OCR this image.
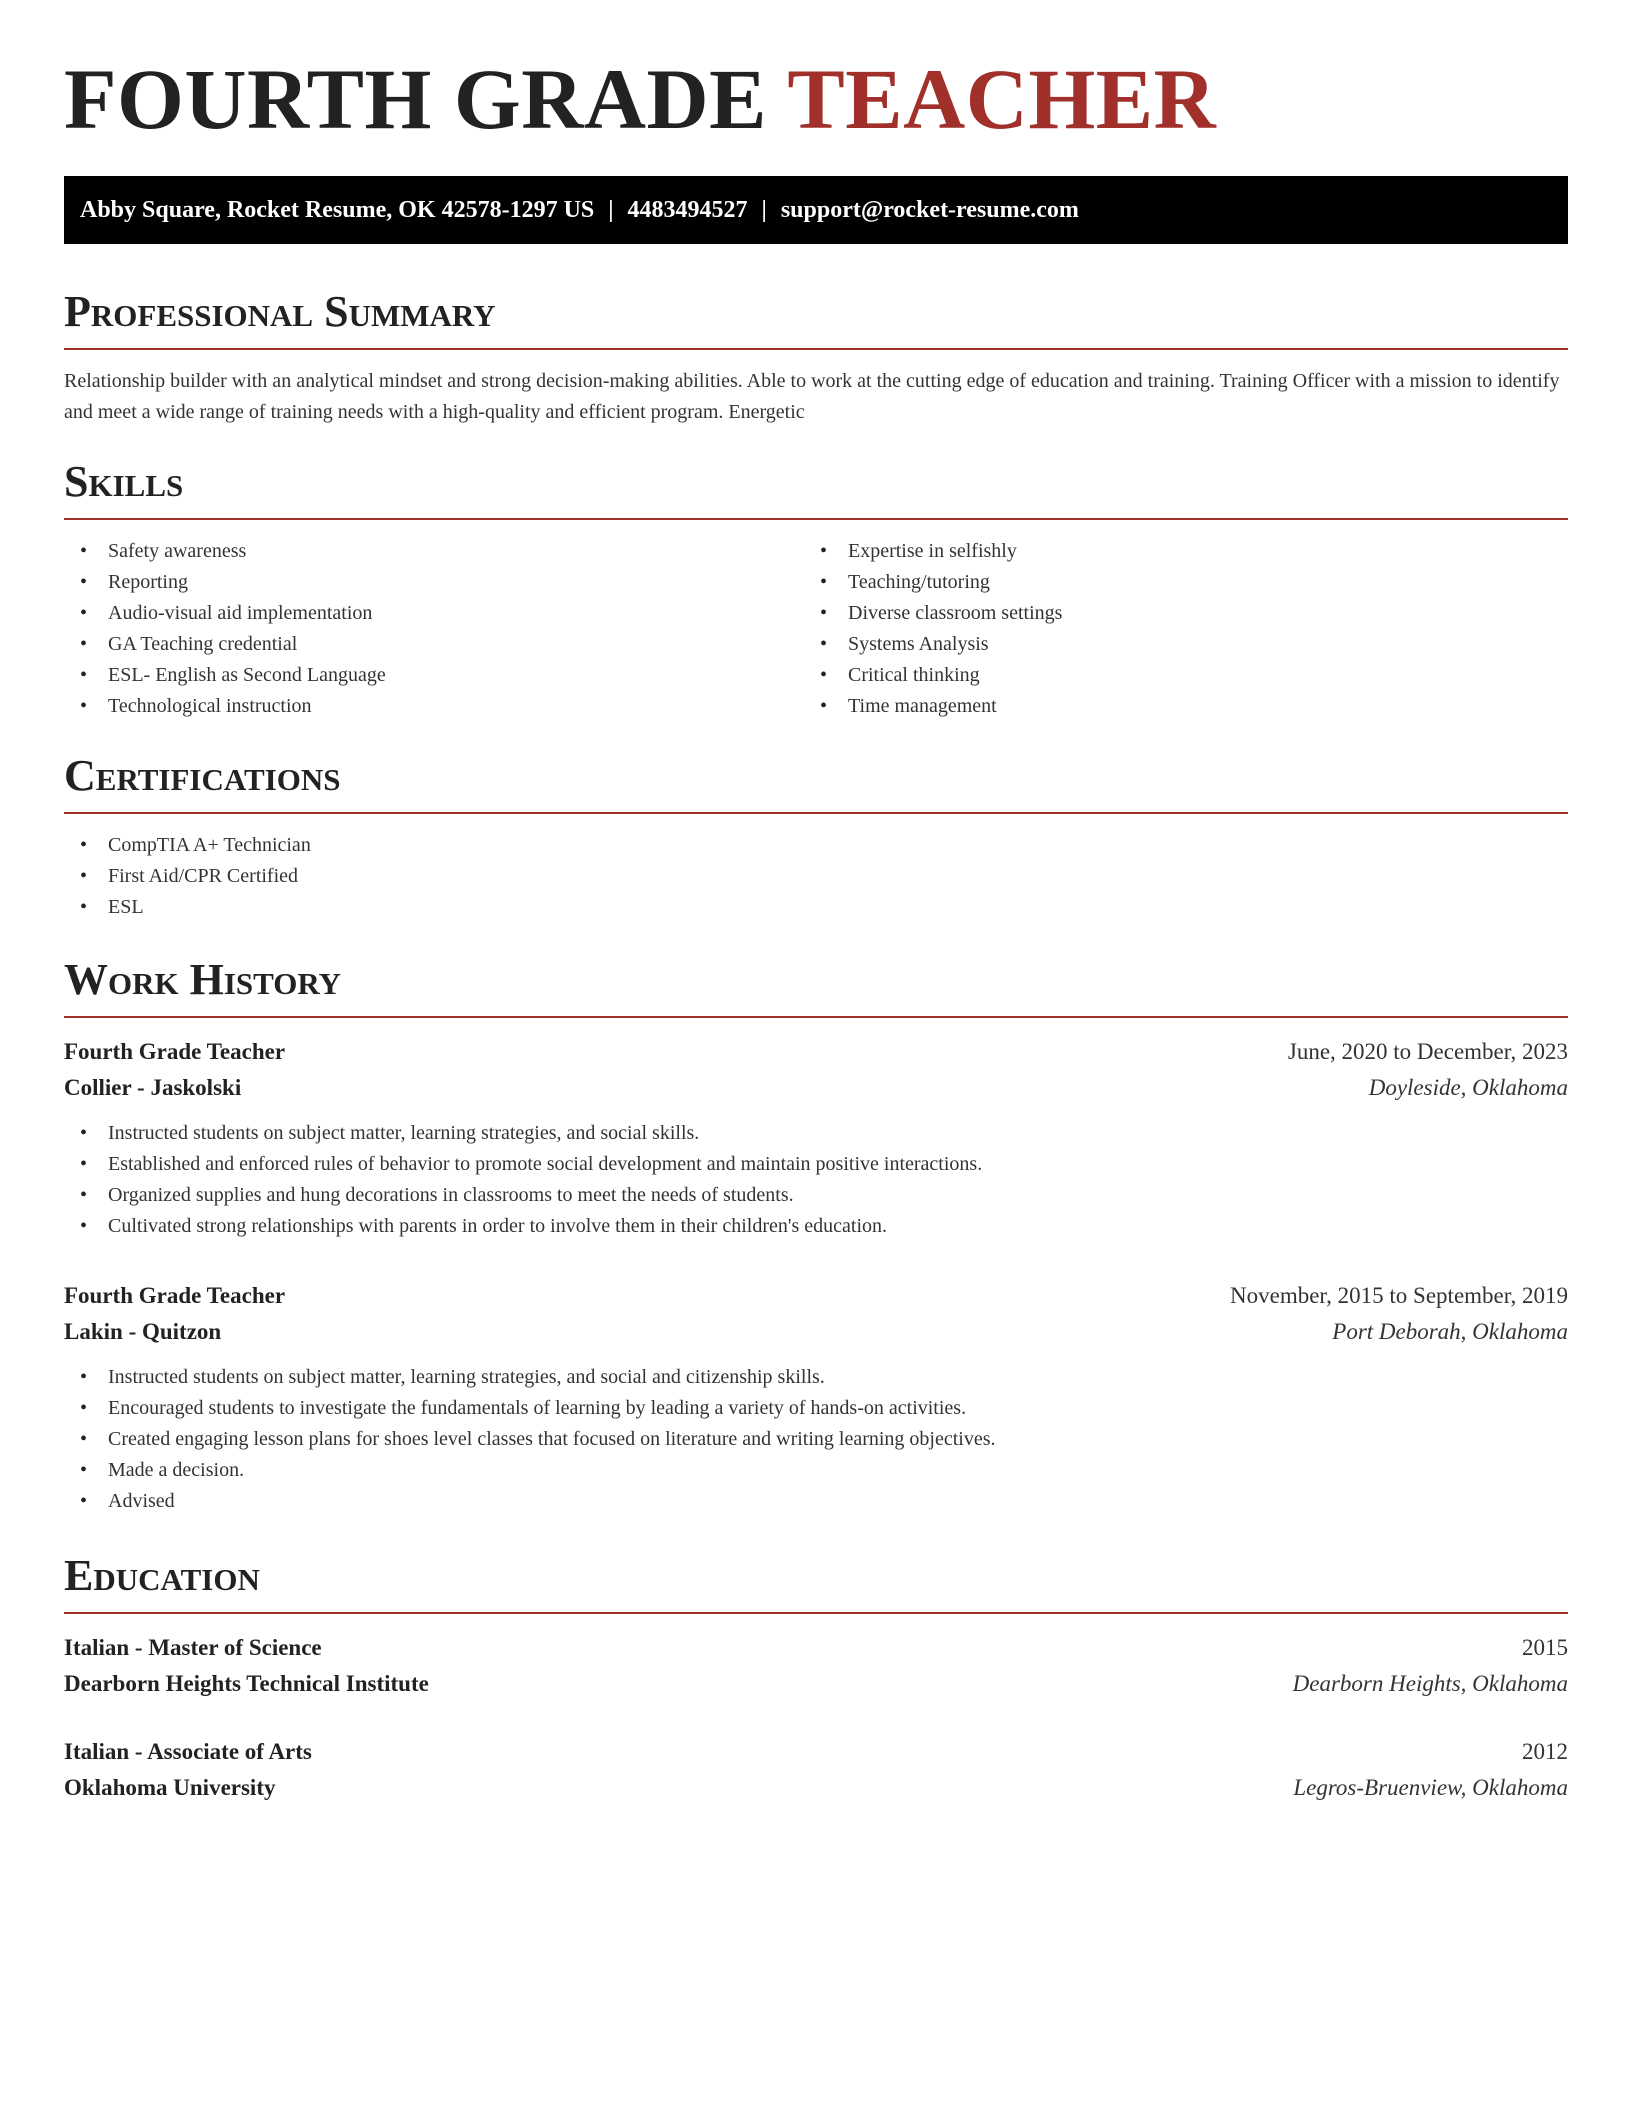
FOURTH GRADE TEACHER
Abby Square, Rocket Resume, OK 42578-1297 US | 4483494527 | support@rocket-resume.com
Professional Summary

Relationship builder with an analytical mindset and strong decision-making abilities. Able to work at the cutting edge of education and training. Training Officer with a mission to identify and meet a wide range of training needs with a high-quality and efficient program. Energetic

Skills
• Safety awareness
• Reporting
• Audio-visual aid implementation
• GA Teaching credential
• ESL- English as Second Language
• Technological instruction
• Expertise in selfishly
• Teaching/tutoring
• Diverse classroom settings
• Systems Analysis
• Critical thinking
• Time management
Certifications
• CompTIA A+ Technician
• First Aid/CPR Certified
• ESL
Work History
Fourth Grade Teacher	June, 2020 to December, 2023
Collier - Jaskolski	Doyleside, Oklahoma
• Instructed students on subject matter, learning strategies, and social skills.
• Established and enforced rules of behavior to promote social development and maintain positive interactions.
• Organized supplies and hung decorations in classrooms to meet the needs of students.
• Cultivated strong relationships with parents in order to involve them in their children's education.
Fourth Grade Teacher	November, 2015 to September, 2019
Lakin - Quitzon	Port Deborah, Oklahoma
• Instructed students on subject matter, learning strategies, and social and citizenship skills.
• Encouraged students to investigate the fundamentals of learning by leading a variety of hands-on activities.
• Created engaging lesson plans for shoes level classes that focused on literature and writing learning objectives.
• Made a decision.
• Advised
Education
Italian - Master of Science	2015
Dearborn Heights Technical Institute	Dearborn Heights, Oklahoma
Italian - Associate of Arts	2012
Oklahoma University	Legros-Bruenview, Oklahoma
